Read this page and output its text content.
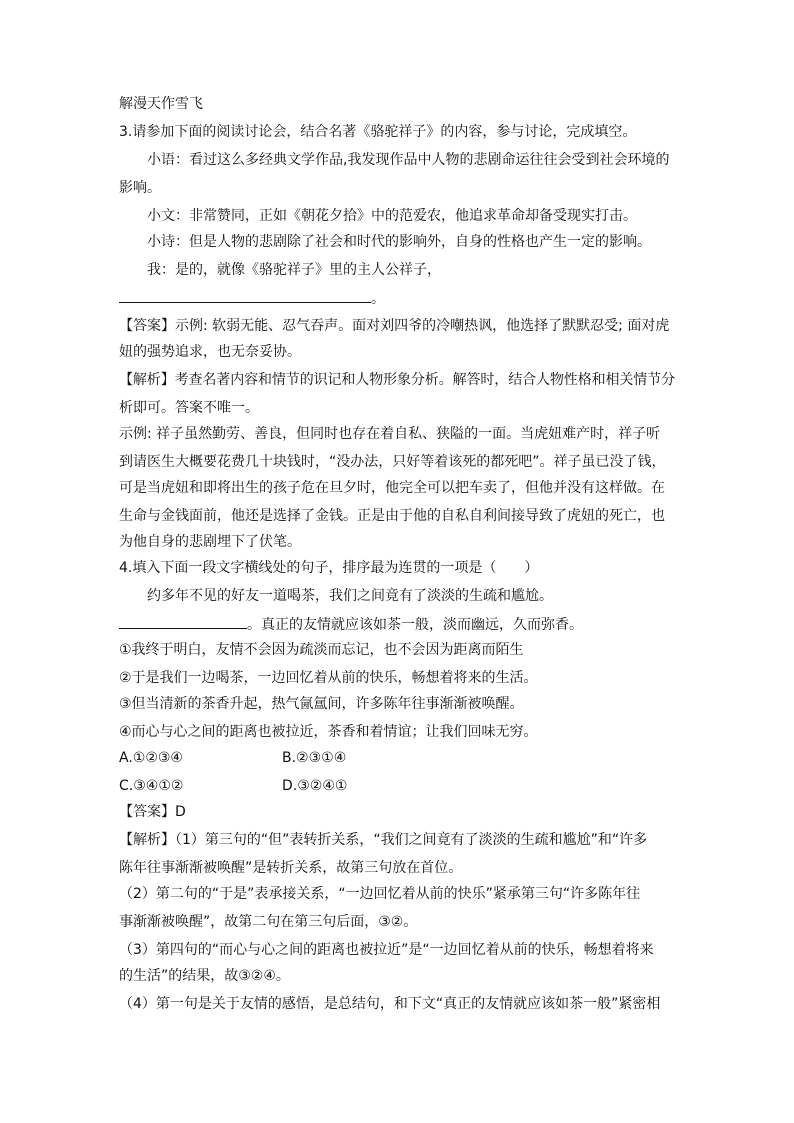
解漫天作雪飞
3.请参加下面的阅读讨论会，结合名著《骆驼祥子》的内容，参与讨论，完成填空。
小语：看过这么多经典文学作品,我发现作品中人物的悲剧命运往往会受到社会环境的
影响。
小文：非常赞同，正如《朝花夕拾》中的范爱农，他追求革命却备受现实打击。
小诗：但是人物的悲剧除了社会和时代的影响外，自身的性格也产生一定的影响。
我：是的，就像《骆驼祥子》里的主人公祥子，
。
【答案】示例: 软弱无能、忍气吞声。面对刘四爷的冷嘲热讽，他选择了默默忍受; 面对虎
妞的强势追求，也无奈妥协。
【解析】考查名著内容和情节的识记和人物形象分析。解答时，结合人物性格和相关情节分
析即可。答案不唯一。
示例: 祥子虽然勤劳、善良，但同时也存在着自私、狭隘的一面。当虎妞难产时，祥子听
到请医生大概要花费几十块钱时，“没办法，只好等着该死的都死吧”。祥子虽已没了钱，
可是当虎妞和即将出生的孩子危在旦夕时，他完全可以把车卖了，但他并没有这样做。在
生命与金钱面前，他还是选择了金钱。正是由于他的自私自利间接导致了虎妞的死亡，也
为他自身的悲剧埋下了伏笔。
4.填入下面一段文字横线处的句子，排序最为连贯的一项是（　　）
约多年不见的好友一道喝茶，我们之间竟有了淡淡的生疏和尴尬。
。真正的友情就应该如茶一般，淡而幽远，久而弥香。
①我终于明白，友情不会因为疏淡而忘记，也不会因为距离而陌生
②于是我们一边喝茶，一边回忆着从前的快乐，畅想着将来的生活。
③但当清新的茶香升起，热气氤氲间，许多陈年往事渐渐被唤醒。
④而心与心之间的距离也被拉近，茶香和着情谊；让我们回味无穷。
A.①②③④	B.②③①④
C.③④①②	D.③②④①
【答案】D
【解析】（1）第三句的“但”表转折关系，“我们之间竟有了淡淡的生疏和尴尬”和“许多
陈年往事渐渐被唤醒”是转折关系，故第三句放在首位。
（2）第二句的“于是”表承接关系，“一边回忆着从前的快乐”紧承第三句“许多陈年往
事渐渐被唤醒”，故第二句在第三句后面，③②。
（3）第四句的“而心与心之间的距离也被拉近”是“一边回忆着从前的快乐，畅想着将来
的生活”的结果，故③②④。
（4）第一句是关于友情的感悟，是总结句，和下文“真正的友情就应该如茶一般”紧密相
